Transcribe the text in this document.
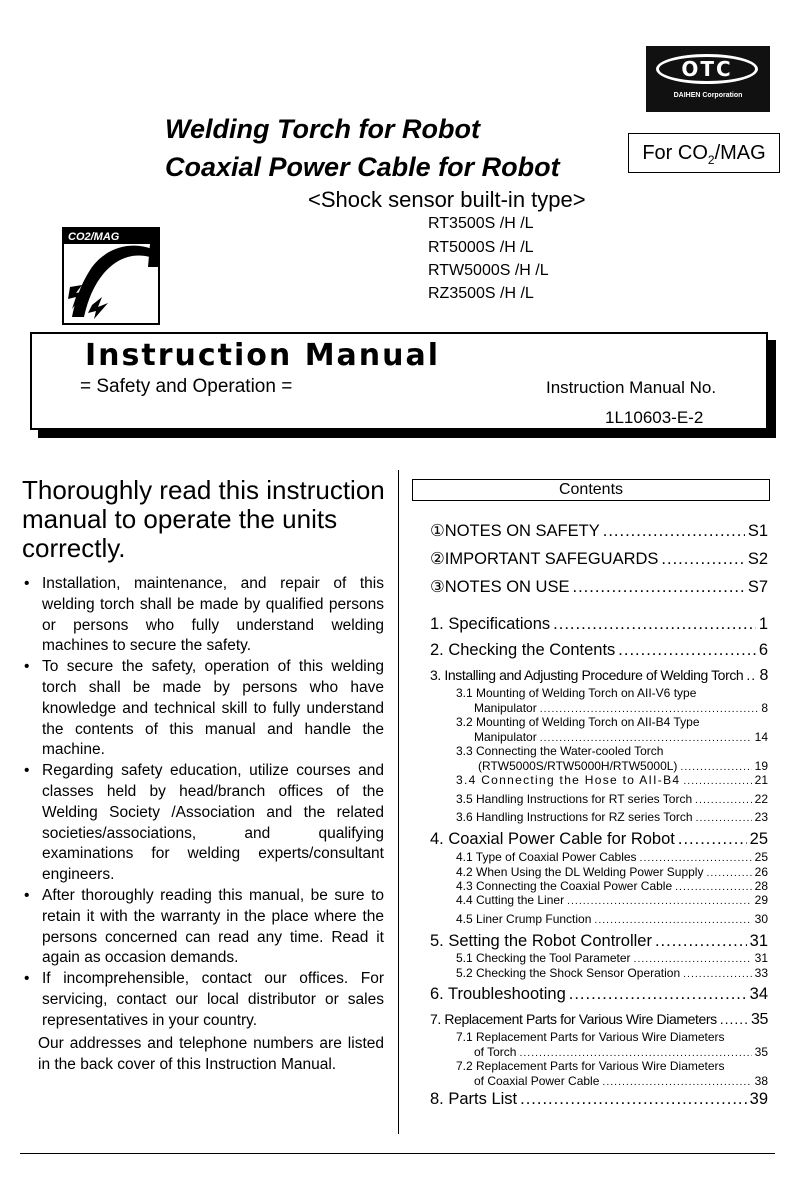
OTC
DAIHEN Corporation
For $CO_2$/MAG
Welding Torch for Robot
Coaxial Power Cable for Robot
<Shock sensor built-in type>
RT3500S /H /L
RT5000S /H /L
RTW5000S /H /L
RZ3500S /H /L
CO2/MAG
Instruction Manual
= Safety and Operation =	Instruction Manual No.
1L10603-E-2
Thoroughly read this instruction manual to operate the units correctly.
• Installation, maintenance, and repair of this welding torch shall be made by qualified persons or persons who fully understand welding machines to secure the safety.
• To secure the safety, operation of this welding torch shall be made by persons who have knowledge and technical skill to fully understand the contents of this manual and handle the machine.
• Regarding safety education, utilize courses and classes held by head/branch offices of the Welding Society /Association and the related societies/associations, and qualifying examinations for welding experts/consultant engineers.
• After thoroughly reading this manual, be sure to retain it with the warranty in the place where the persons concerned can read any time. Read it again as occasion demands.
• If incomprehensible, contact our offices. For servicing, contact our local distributor or sales representatives in your country.
Our addresses and telephone numbers are listed in the back cover of this Instruction Manual.
Contents
①NOTES ON SAFETY .....	S1
②IMPORTANT SAFEGUARDS .....	S2
③NOTES ON USE .....	S7
1. Specifications .....	1
2. Checking the Contents .....	6
3. Installing and Adjusting Procedure of Welding Torch ..... 8
3.1 Mounting of Welding Torch on AII-V6 type
Manipulator .....	8
3.2 Mounting of Welding Torch on AII-B4 Type
Manipulator .....	14
3.3 Connecting the Water-cooled Torch
(RTW5000S/RTW5000H/RTW5000L) .....	19
3.4 Connecting the Hose to AII-B4 .....	21
3.5 Handling Instructions for RT series Torch .....	22
3.6 Handling Instructions for RZ series Torch .....	23
4. Coaxial Power Cable for Robot .....	25
4.1 Type of Coaxial Power Cables .....	25
4.2 When Using the DL Welding Power Supply .....	26
4.3 Connecting the Coaxial Power Cable .....	28
4.4 Cutting the Liner .....	29
4.5 Liner Crump Function .....	30
5. Setting the Robot Controller .....	31
5.1 Checking the Tool Parameter .....	31
5.2 Checking the Shock Sensor Operation .....	33
6. Troubleshooting .....	34
7. Replacement Parts for Various Wire Diameters ..... 35
7.1 Replacement Parts for Various Wire Diameters
of Torch .....	35
7.2 Replacement Parts for Various Wire Diameters
of Coaxial Power Cable .....	38
8. Parts List .....	39
